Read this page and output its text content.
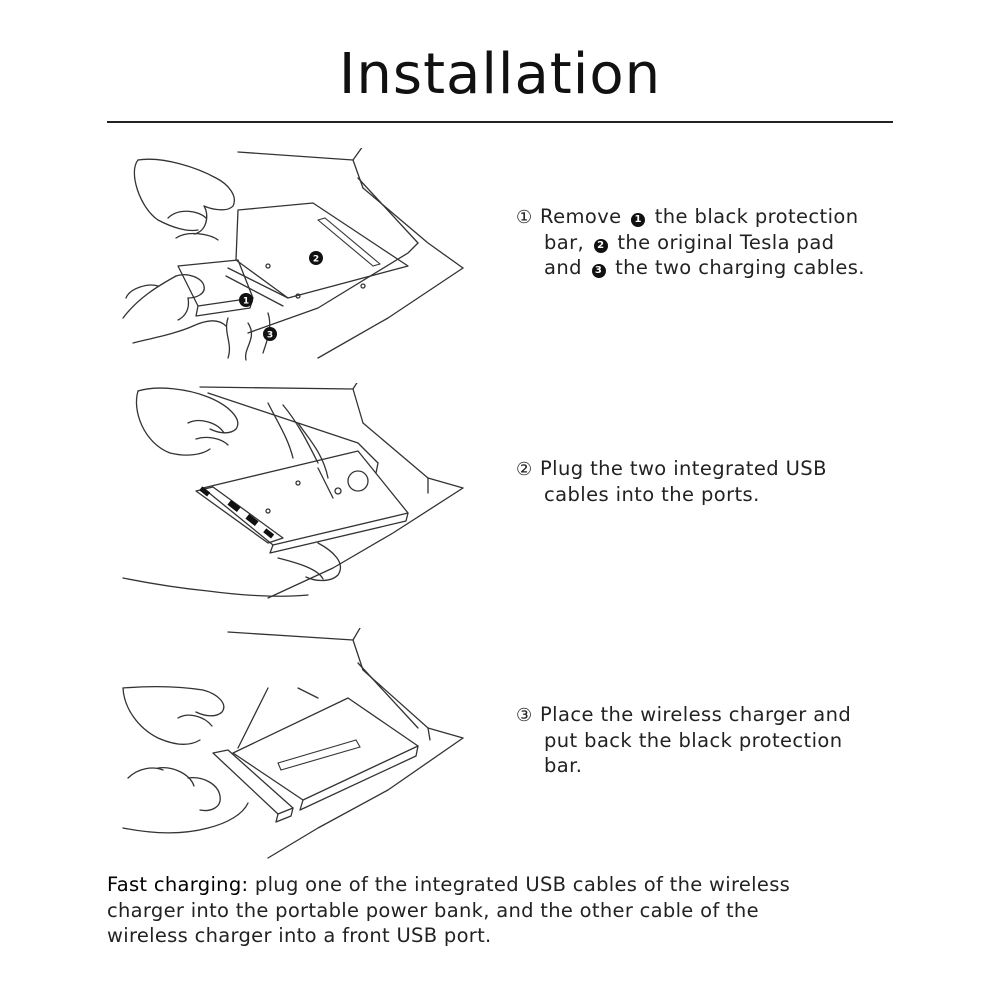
Installation
1
2
3
① Remove 1 the black protection
bar, 2 the original Tesla pad
and 3 the two charging cables.
② Plug the two integrated USB
cables into the ports.
③ Place the wireless charger and
put back the black protection
bar.
Fast charging: plug one of the integrated USB cables of the wireless
charger into the portable power bank, and the other cable of the
wireless charger into a front USB port.
